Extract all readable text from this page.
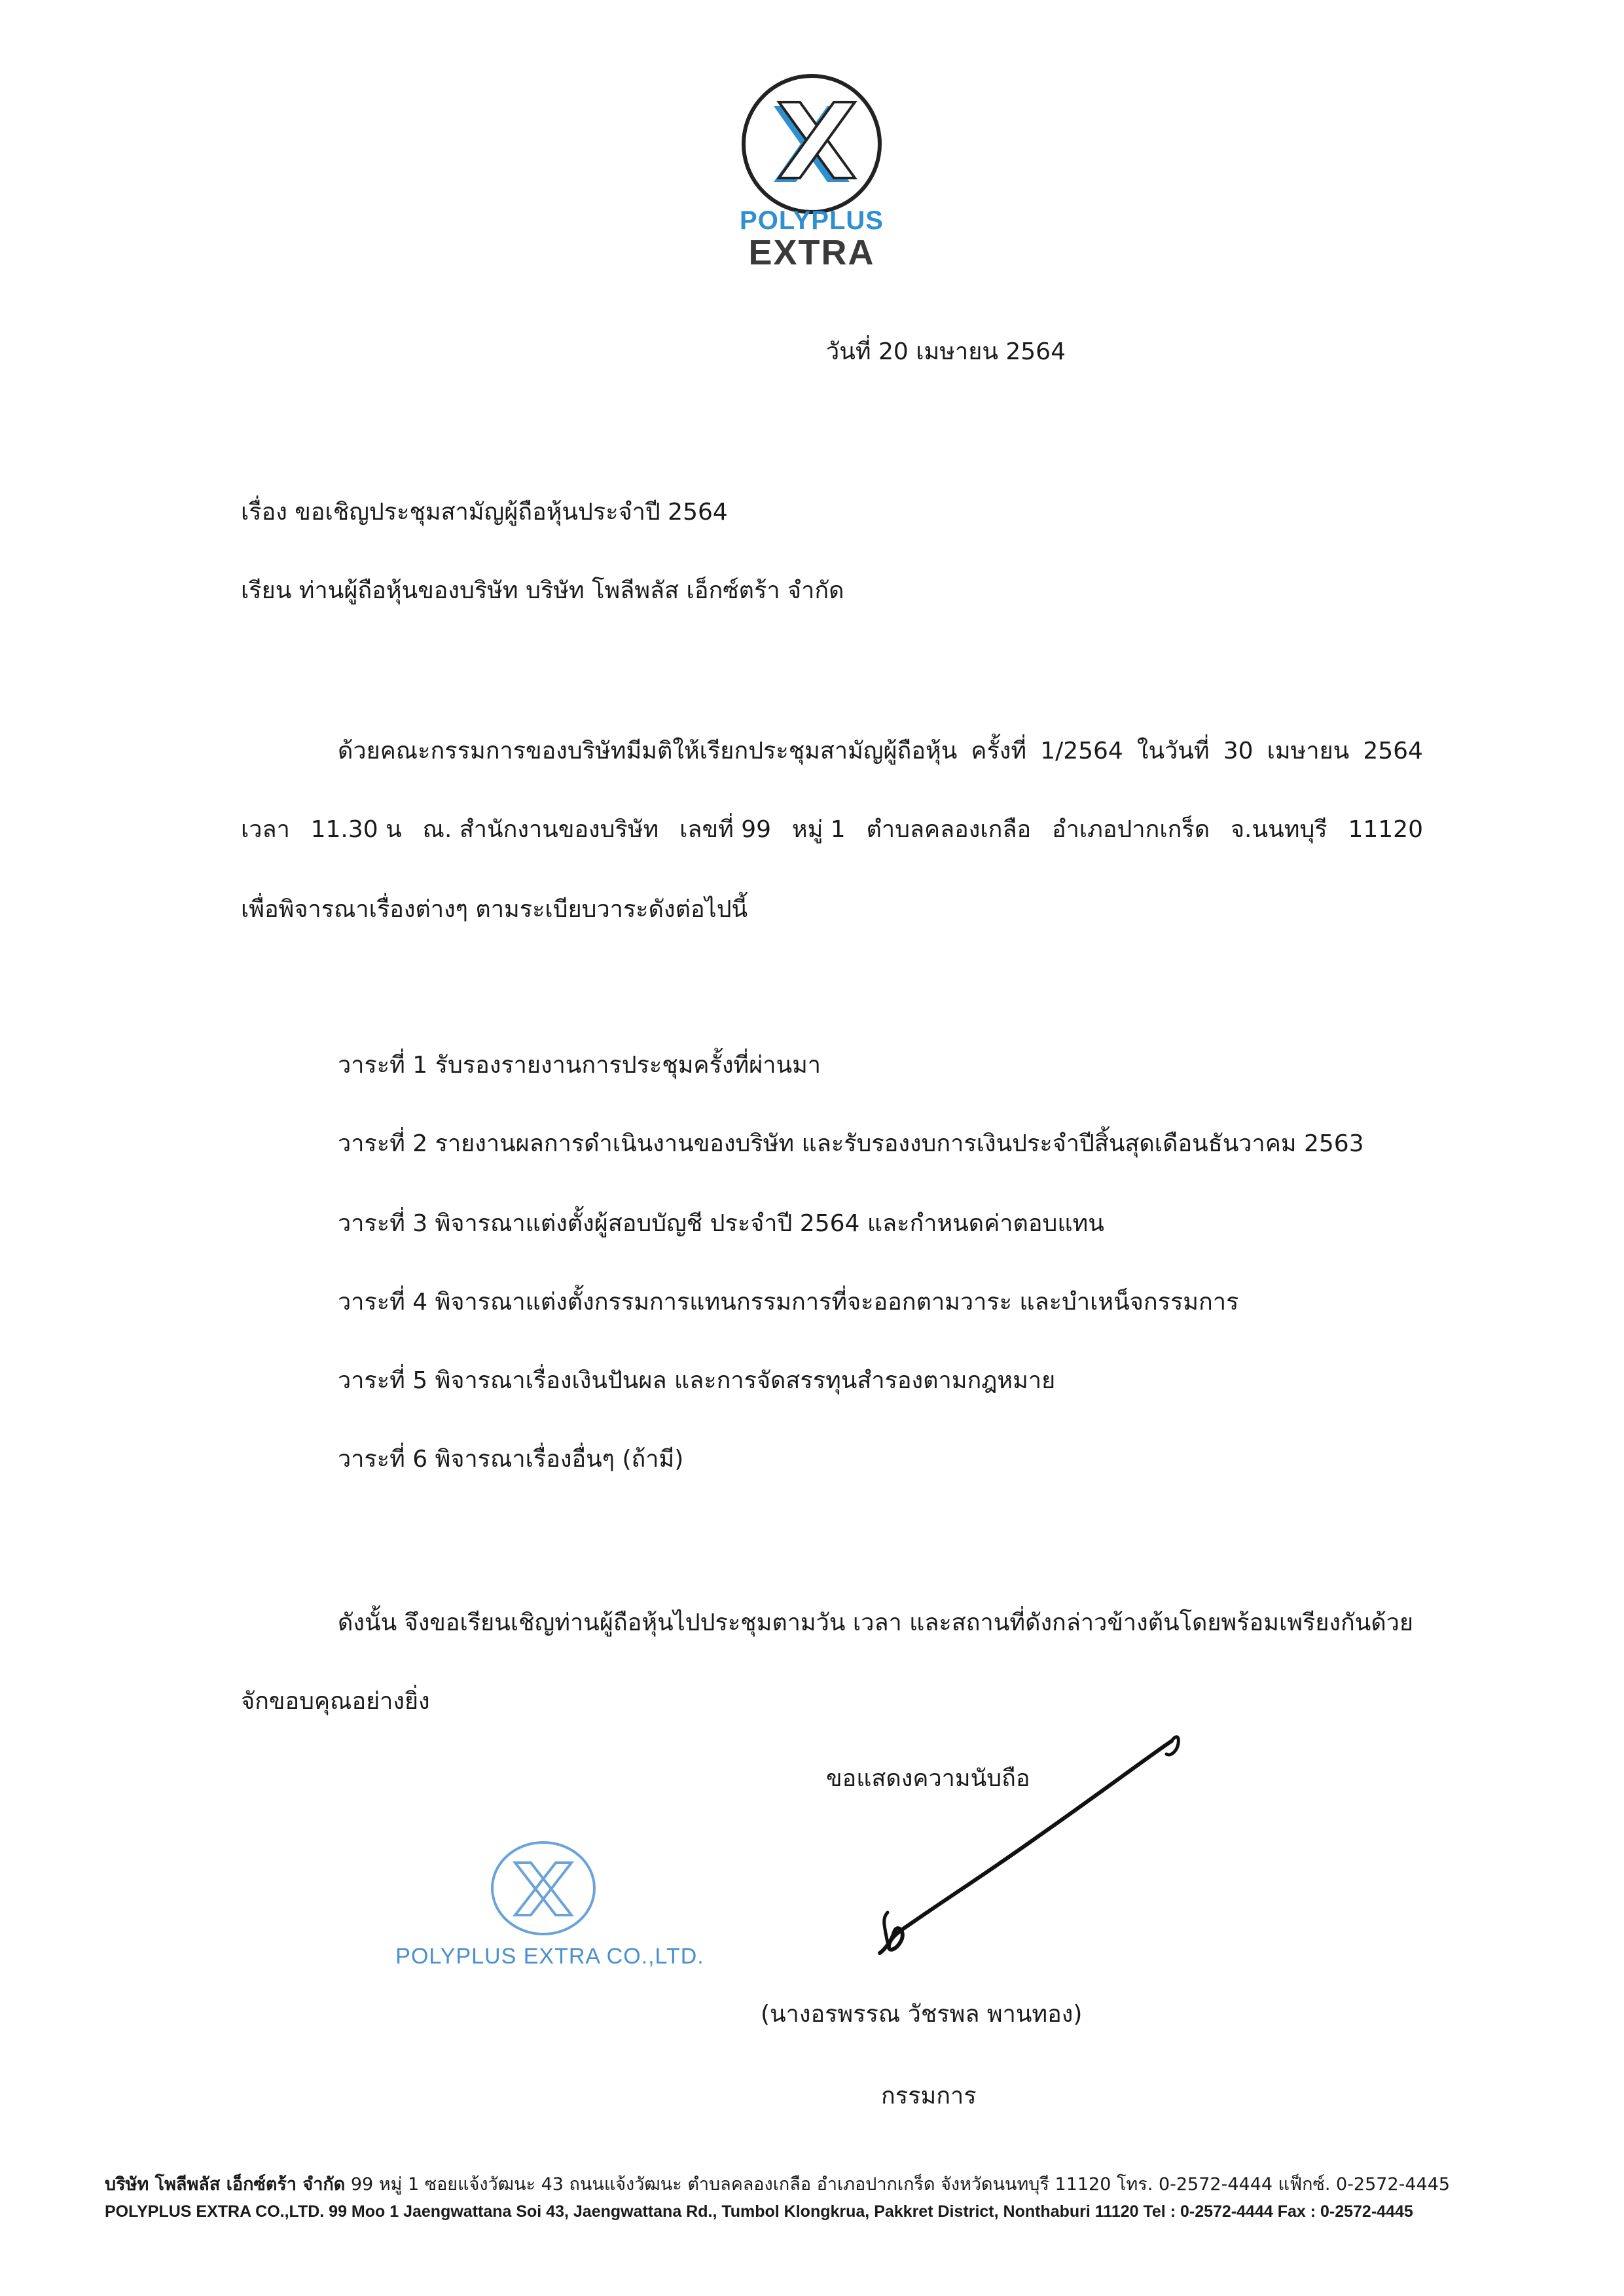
POLYPLUS
EXTRA
วันที่ 20 เมษายน 2564
เรื่อง ขอเชิญประชุมสามัญผู้ถือหุ้นประจำปี 2564
เรียน ท่านผู้ถือหุ้นของบริษัท บริษัท โพลีพลัส เอ็กซ์ตร้า จำกัด
ด้วยคณะกรรมการของบริษัทมีมติให้เรียกประชุมสามัญผู้ถือหุ้น ครั้งที่ 1/2564 ในวันที่ 30 เมษายน 2564
เวลา 11.30 น ณ. สำนักงานของบริษัท เลขที่ 99 หมู่ 1 ตำบลคลองเกลือ อำเภอปากเกร็ด จ.นนทบุรี 11120
เพื่อพิจารณาเรื่องต่างๆ ตามระเบียบวาระดังต่อไปนี้
วาระที่ 1 รับรองรายงานการประชุมครั้งที่ผ่านมา
วาระที่ 2 รายงานผลการดำเนินงานของบริษัท และรับรองงบการเงินประจำปีสิ้นสุดเดือนธันวาคม 2563
วาระที่ 3 พิจารณาแต่งตั้งผู้สอบบัญชี ประจำปี 2564 และกำหนดค่าตอบแทน
วาระที่ 4 พิจารณาแต่งตั้งกรรมการแทนกรรมการที่จะออกตามวาระ และบำเหน็จกรรมการ
วาระที่ 5 พิจารณาเรื่องเงินปันผล และการจัดสรรทุนสำรองตามกฎหมาย
วาระที่ 6 พิจารณาเรื่องอื่นๆ (ถ้ามี)
ดังนั้น จึงขอเรียนเชิญท่านผู้ถือหุ้นไปประชุมตามวัน เวลา และสถานที่ดังกล่าวข้างต้นโดยพร้อมเพรียงกันด้วย
จักขอบคุณอย่างยิ่ง
ขอแสดงความนับถือ
POLYPLUS EXTRA CO.,LTD.
(นางอรพรรณ วัชรพล พานทอง)
กรรมการ
บริษัท โพลีพลัส เอ็กซ์ตร้า จำกัด 99 หมู่ 1 ซอยแจ้งวัฒนะ 43 ถนนแจ้งวัฒนะ ตำบลคลองเกลือ อำเภอปากเกร็ด จังหวัดนนทบุรี 11120 โทร. 0-2572-4444 แฟ็กซ์. 0-2572-4445
POLYPLUS EXTRA CO.,LTD. 99 Moo 1 Jaengwattana Soi 43, Jaengwattana Rd., Tumbol Klongkrua, Pakkret District, Nonthaburi 11120 Tel : 0-2572-4444 Fax : 0-2572-4445
